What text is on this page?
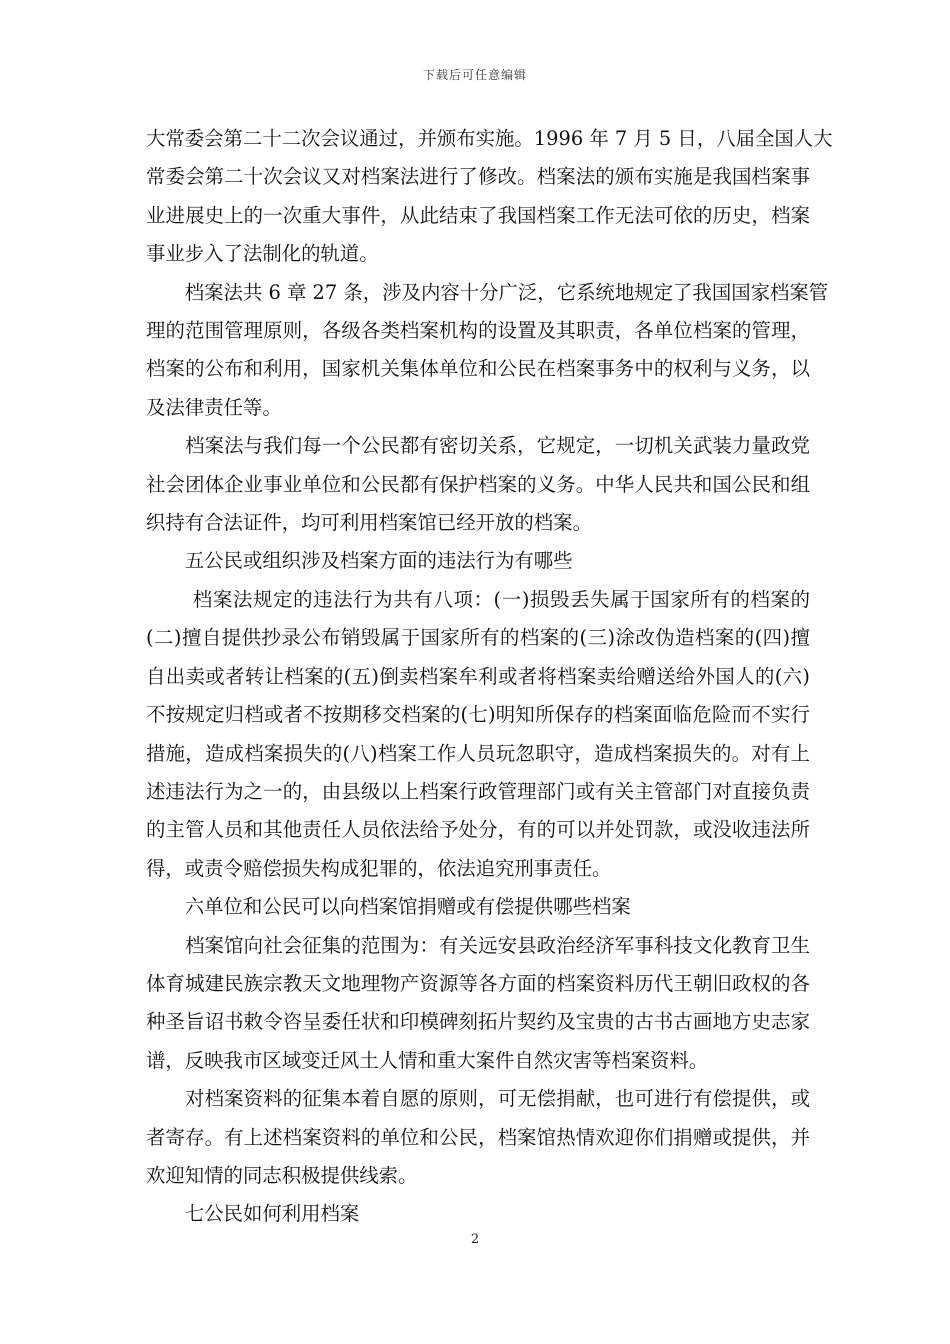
下载后可任意编辑

大常委会第二十二次会议通过，并颁布实施。1996 年 7 月 5 日，八届全国人大
常委会第二十次会议又对档案法进行了修改。档案法的颁布实施是我国档案事
业进展史上的一次重大事件，从此结束了我国档案工作无法可依的历史，档案
事业步入了法制化的轨道。

　　档案法共 6 章 27 条，涉及内容十分广泛，它系统地规定了我国国家档案管
理的范围管理原则，各级各类档案机构的设置及其职责，各单位档案的管理，
档案的公布和利用，国家机关集体单位和公民在档案事务中的权利与义务，以
及法律责任等。

　　档案法与我们每一个公民都有密切关系，它规定，一切机关武装力量政党
社会团体企业事业单位和公民都有保护档案的义务。中华人民共和国公民和组
织持有合法证件，均可利用档案馆已经开放的档案。

　　五公民或组织涉及档案方面的违法行为有哪些

　　 档案法规定的违法行为共有八项：(一)损毁丢失属于国家所有的档案的
(二)擅自提供抄录公布销毁属于国家所有的档案的(三)涂改伪造档案的(四)擅
自出卖或者转让档案的(五)倒卖档案牟利或者将档案卖给赠送给外国人的(六)
不按规定归档或者不按期移交档案的(七)明知所保存的档案面临危险而不实行
措施，造成档案损失的(八)档案工作人员玩忽职守，造成档案损失的。对有上
述违法行为之一的，由县级以上档案行政管理部门或有关主管部门对直接负责
的主管人员和其他责任人员依法给予处分，有的可以并处罚款，或没收违法所
得，或责令赔偿损失构成犯罪的，依法追究刑事责任。

　　六单位和公民可以向档案馆捐赠或有偿提供哪些档案

　　档案馆向社会征集的范围为：有关远安县政治经济军事科技文化教育卫生
体育城建民族宗教天文地理物产资源等各方面的档案资料历代王朝旧政权的各
种圣旨诏书敕令咨呈委任状和印模碑刻拓片契约及宝贵的古书古画地方史志家
谱，反映我市区域变迁风土人情和重大案件自然灾害等档案资料。

　　对档案资料的征集本着自愿的原则，可无偿捐献，也可进行有偿提供，或
者寄存。有上述档案资料的单位和公民，档案馆热情欢迎你们捐赠或提供，并
欢迎知情的同志积极提供线索。

　　七公民如何利用档案

2
